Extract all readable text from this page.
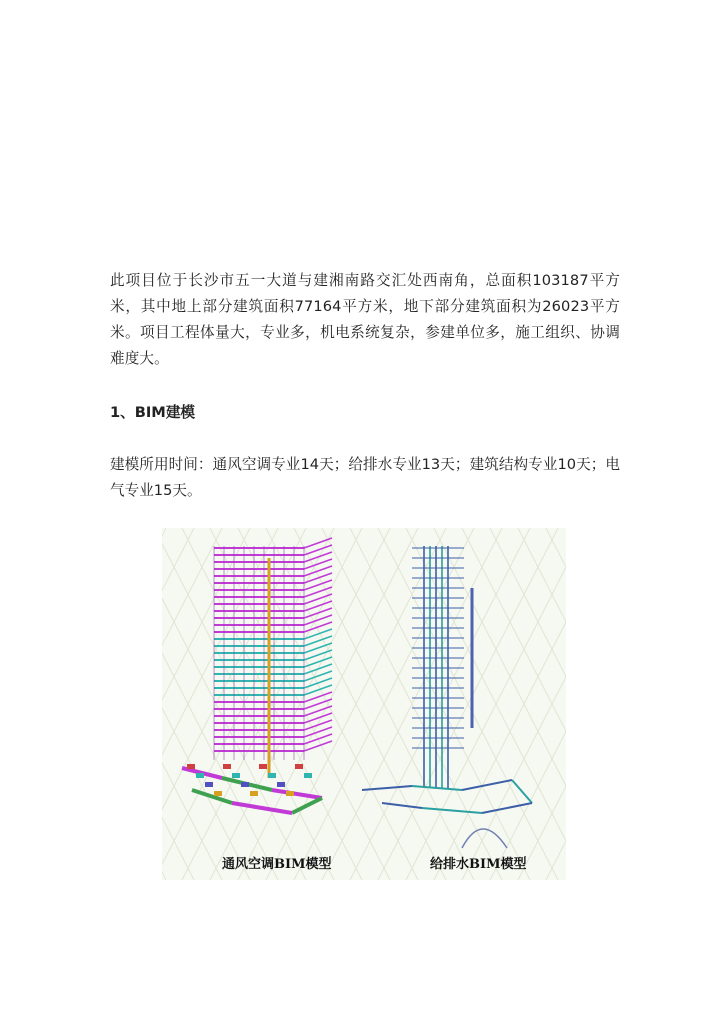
此项目位于长沙市五一大道与建湘南路交汇处西南角，总面积103187平方米，其中地上部分建筑面积77164平方米，地下部分建筑面积为26023平方米。项目工程体量大，专业多，机电系统复杂，参建单位多，施工组织、协调难度大。

1、BIM建模

建模所用时间：通风空调专业14天；给排水专业13天；建筑结构专业10天；电气专业15天。

通风空调BIM模型	给排水BIM模型
